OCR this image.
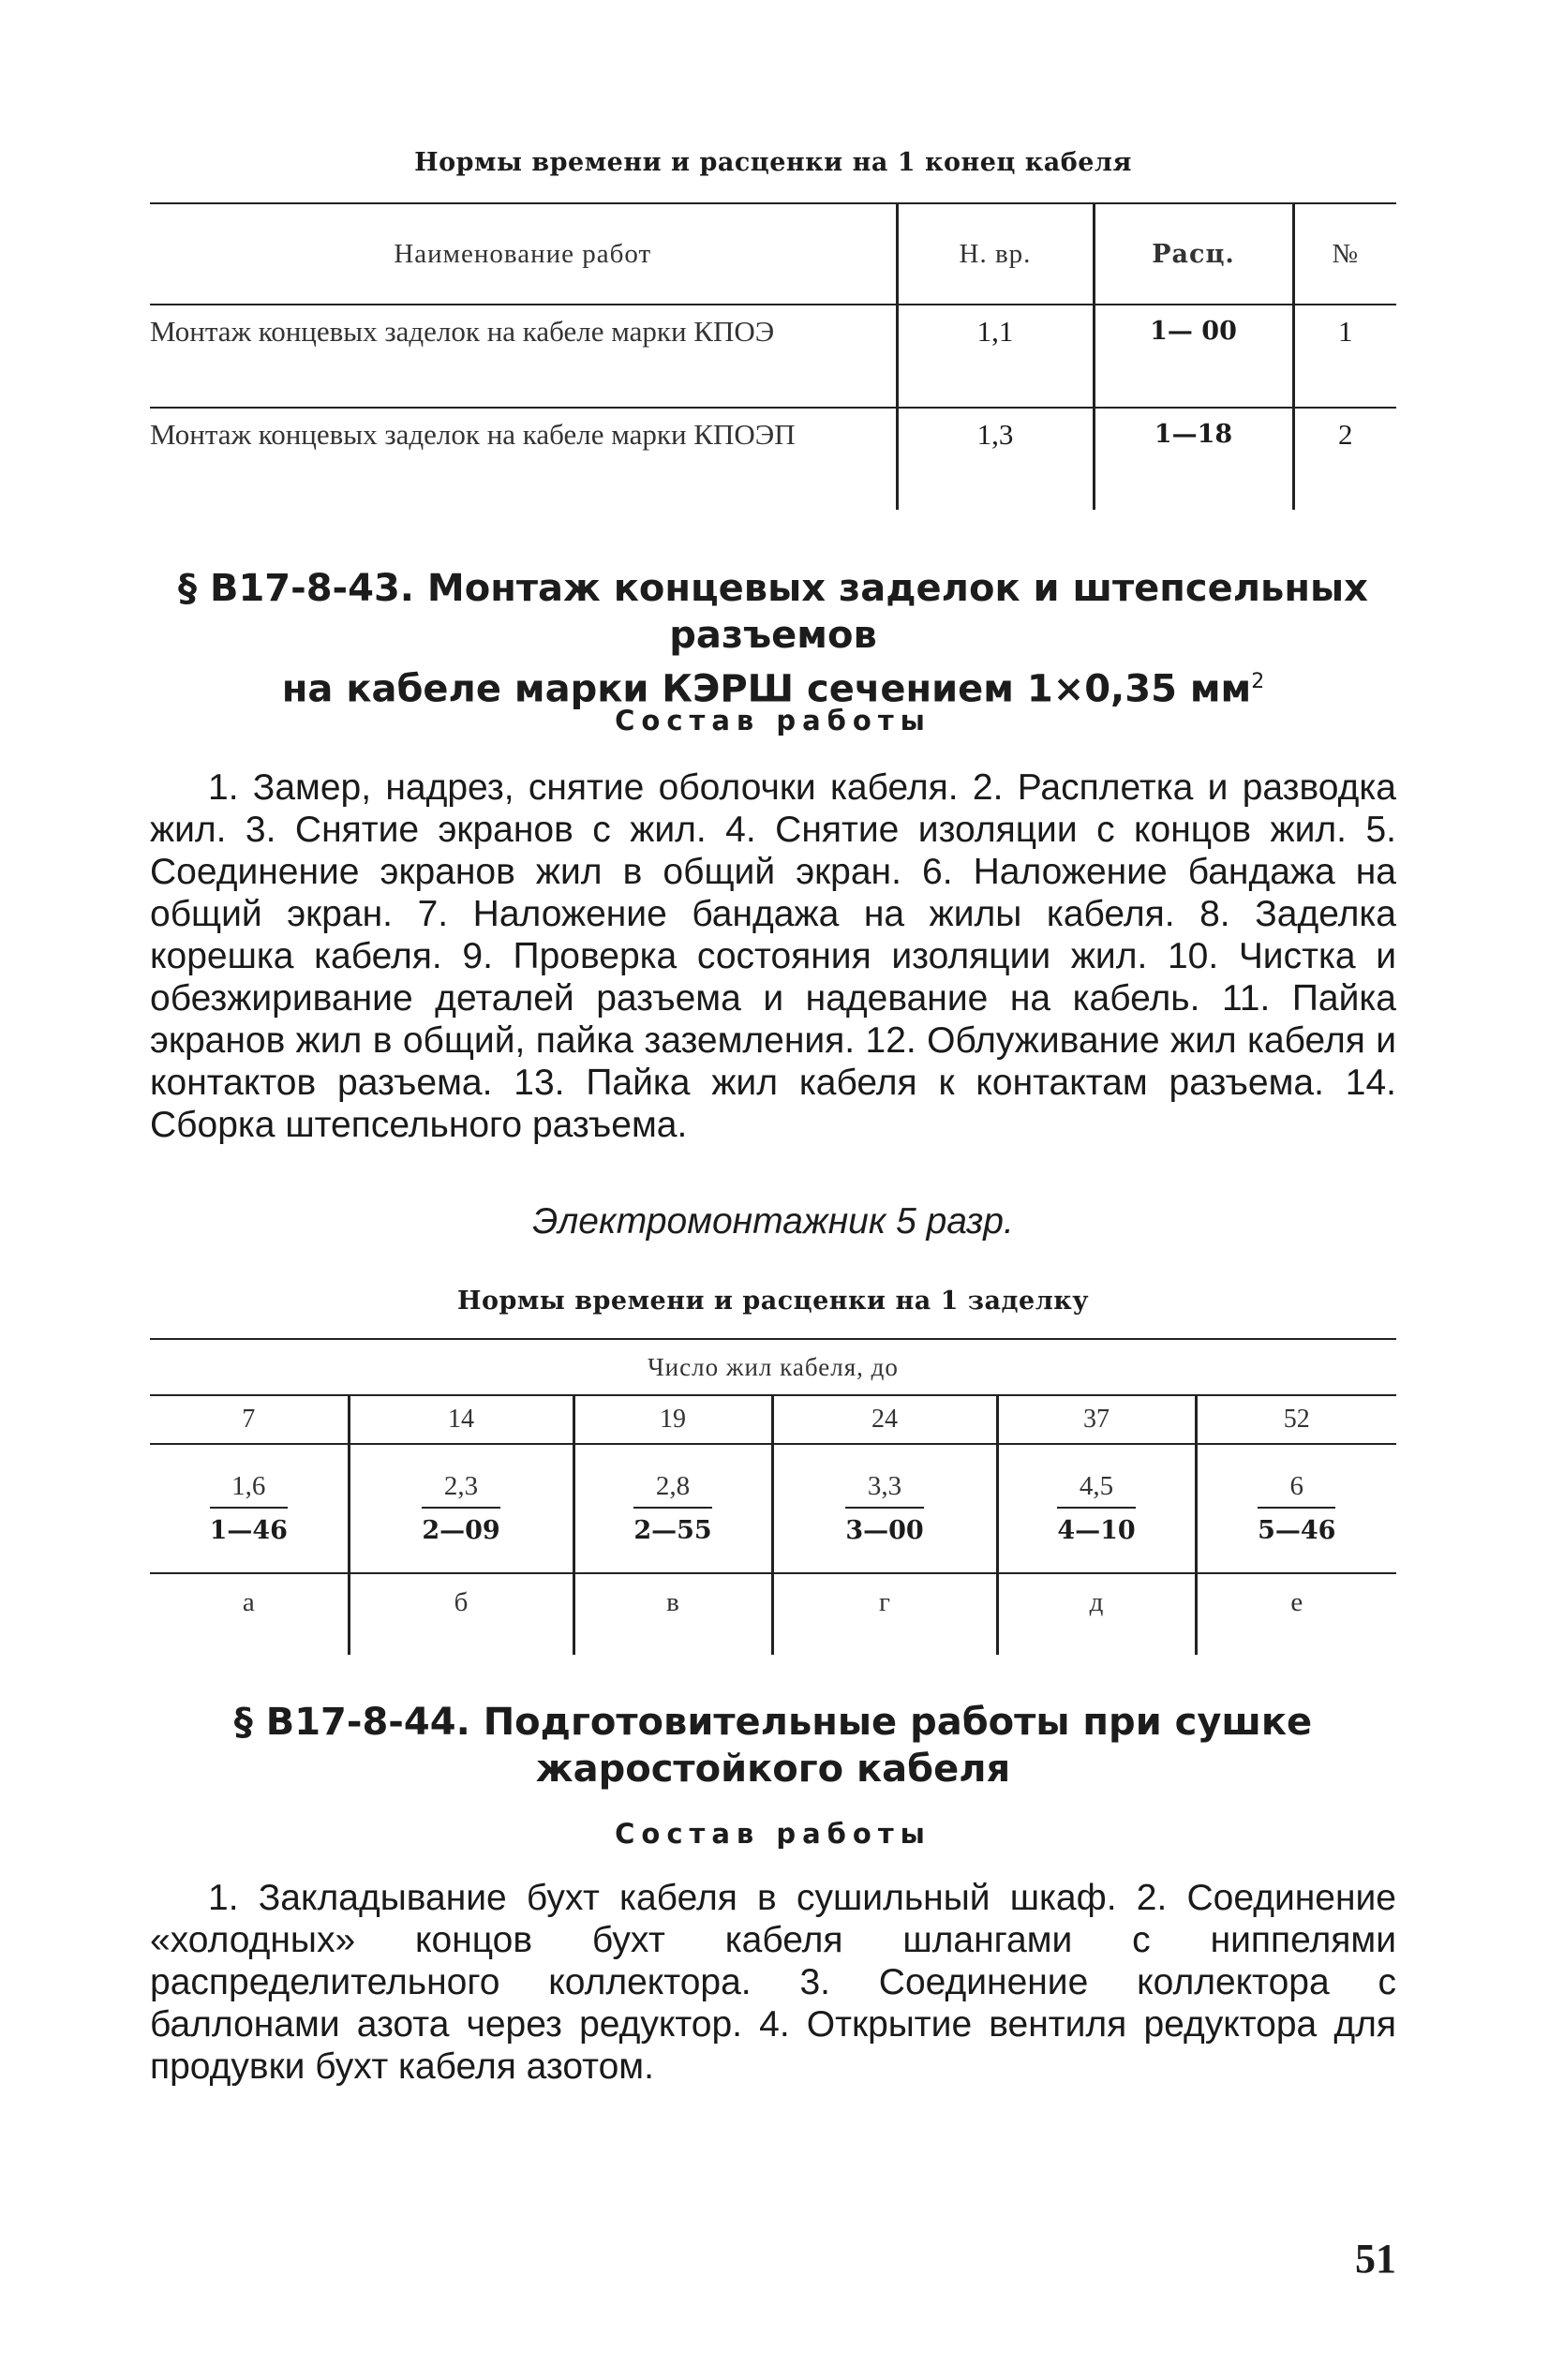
Нормы времени и расценки на 1 конец кабеля
Наименование работ	Н. вр.	Расц.	№
Монтаж концевых заделок на кабеле марки КПОЭ	1,1	1— 00	1
Монтаж концевых заделок на кабеле марки КПОЭП	1,3	1—18	2
§ В17-8-43. Монтаж концевых заделок и штепсельных разъемов
на кабеле марки КЭРШ сечением 1×0,35 $мм^2$
Состав работы
1. Замер, надрез, снятие оболочки кабеля. 2. Расплетка и разводка жил. 3. Снятие экранов с жил. 4. Снятие изоляции с концов жил. 5. Соединение экранов жил в общий экран. 6. Наложение бандажа на общий экран. 7. Наложение бандажа на жилы кабеля. 8. Заделка корешка кабеля. 9. Проверка состояния изоляции жил. 10. Чистка и обезжиривание деталей разъема и надевание на кабель. 11. Пайка экранов жил в общий, пайка заземления. 12. Облуживание жил кабеля и контактов разъема. 13. Пайка жил кабеля к контактам разъема. 14. Сборка штепсельного разъема.
Электромонтажник 5 разр.
Нормы времени и расценки на 1 заделку
Число жил кабеля, до					
7	14	19	24	37	52

$\frac{1,6}{1—46}$	$\frac{2,3}{2—09}$	$\frac{2,8}{2—55}$	$\frac{3,3}{3—00}$	$\frac{4,5}{4—10}$	$\frac{6}{5—46}$

а	б	в	г	д	е
§ В17-8-44. Подготовительные работы при сушке
жаростойкого кабеля
Состав работы
1. Закладывание бухт кабеля в сушильный шкаф. 2. Соединение «холодных» концов бухт кабеля шлангами с ниппелями распределительного коллектора. 3. Соединение коллектора с баллонами азота через редуктор. 4. Открытие вентиля редуктора для продувки бухт кабеля азотом.
51
